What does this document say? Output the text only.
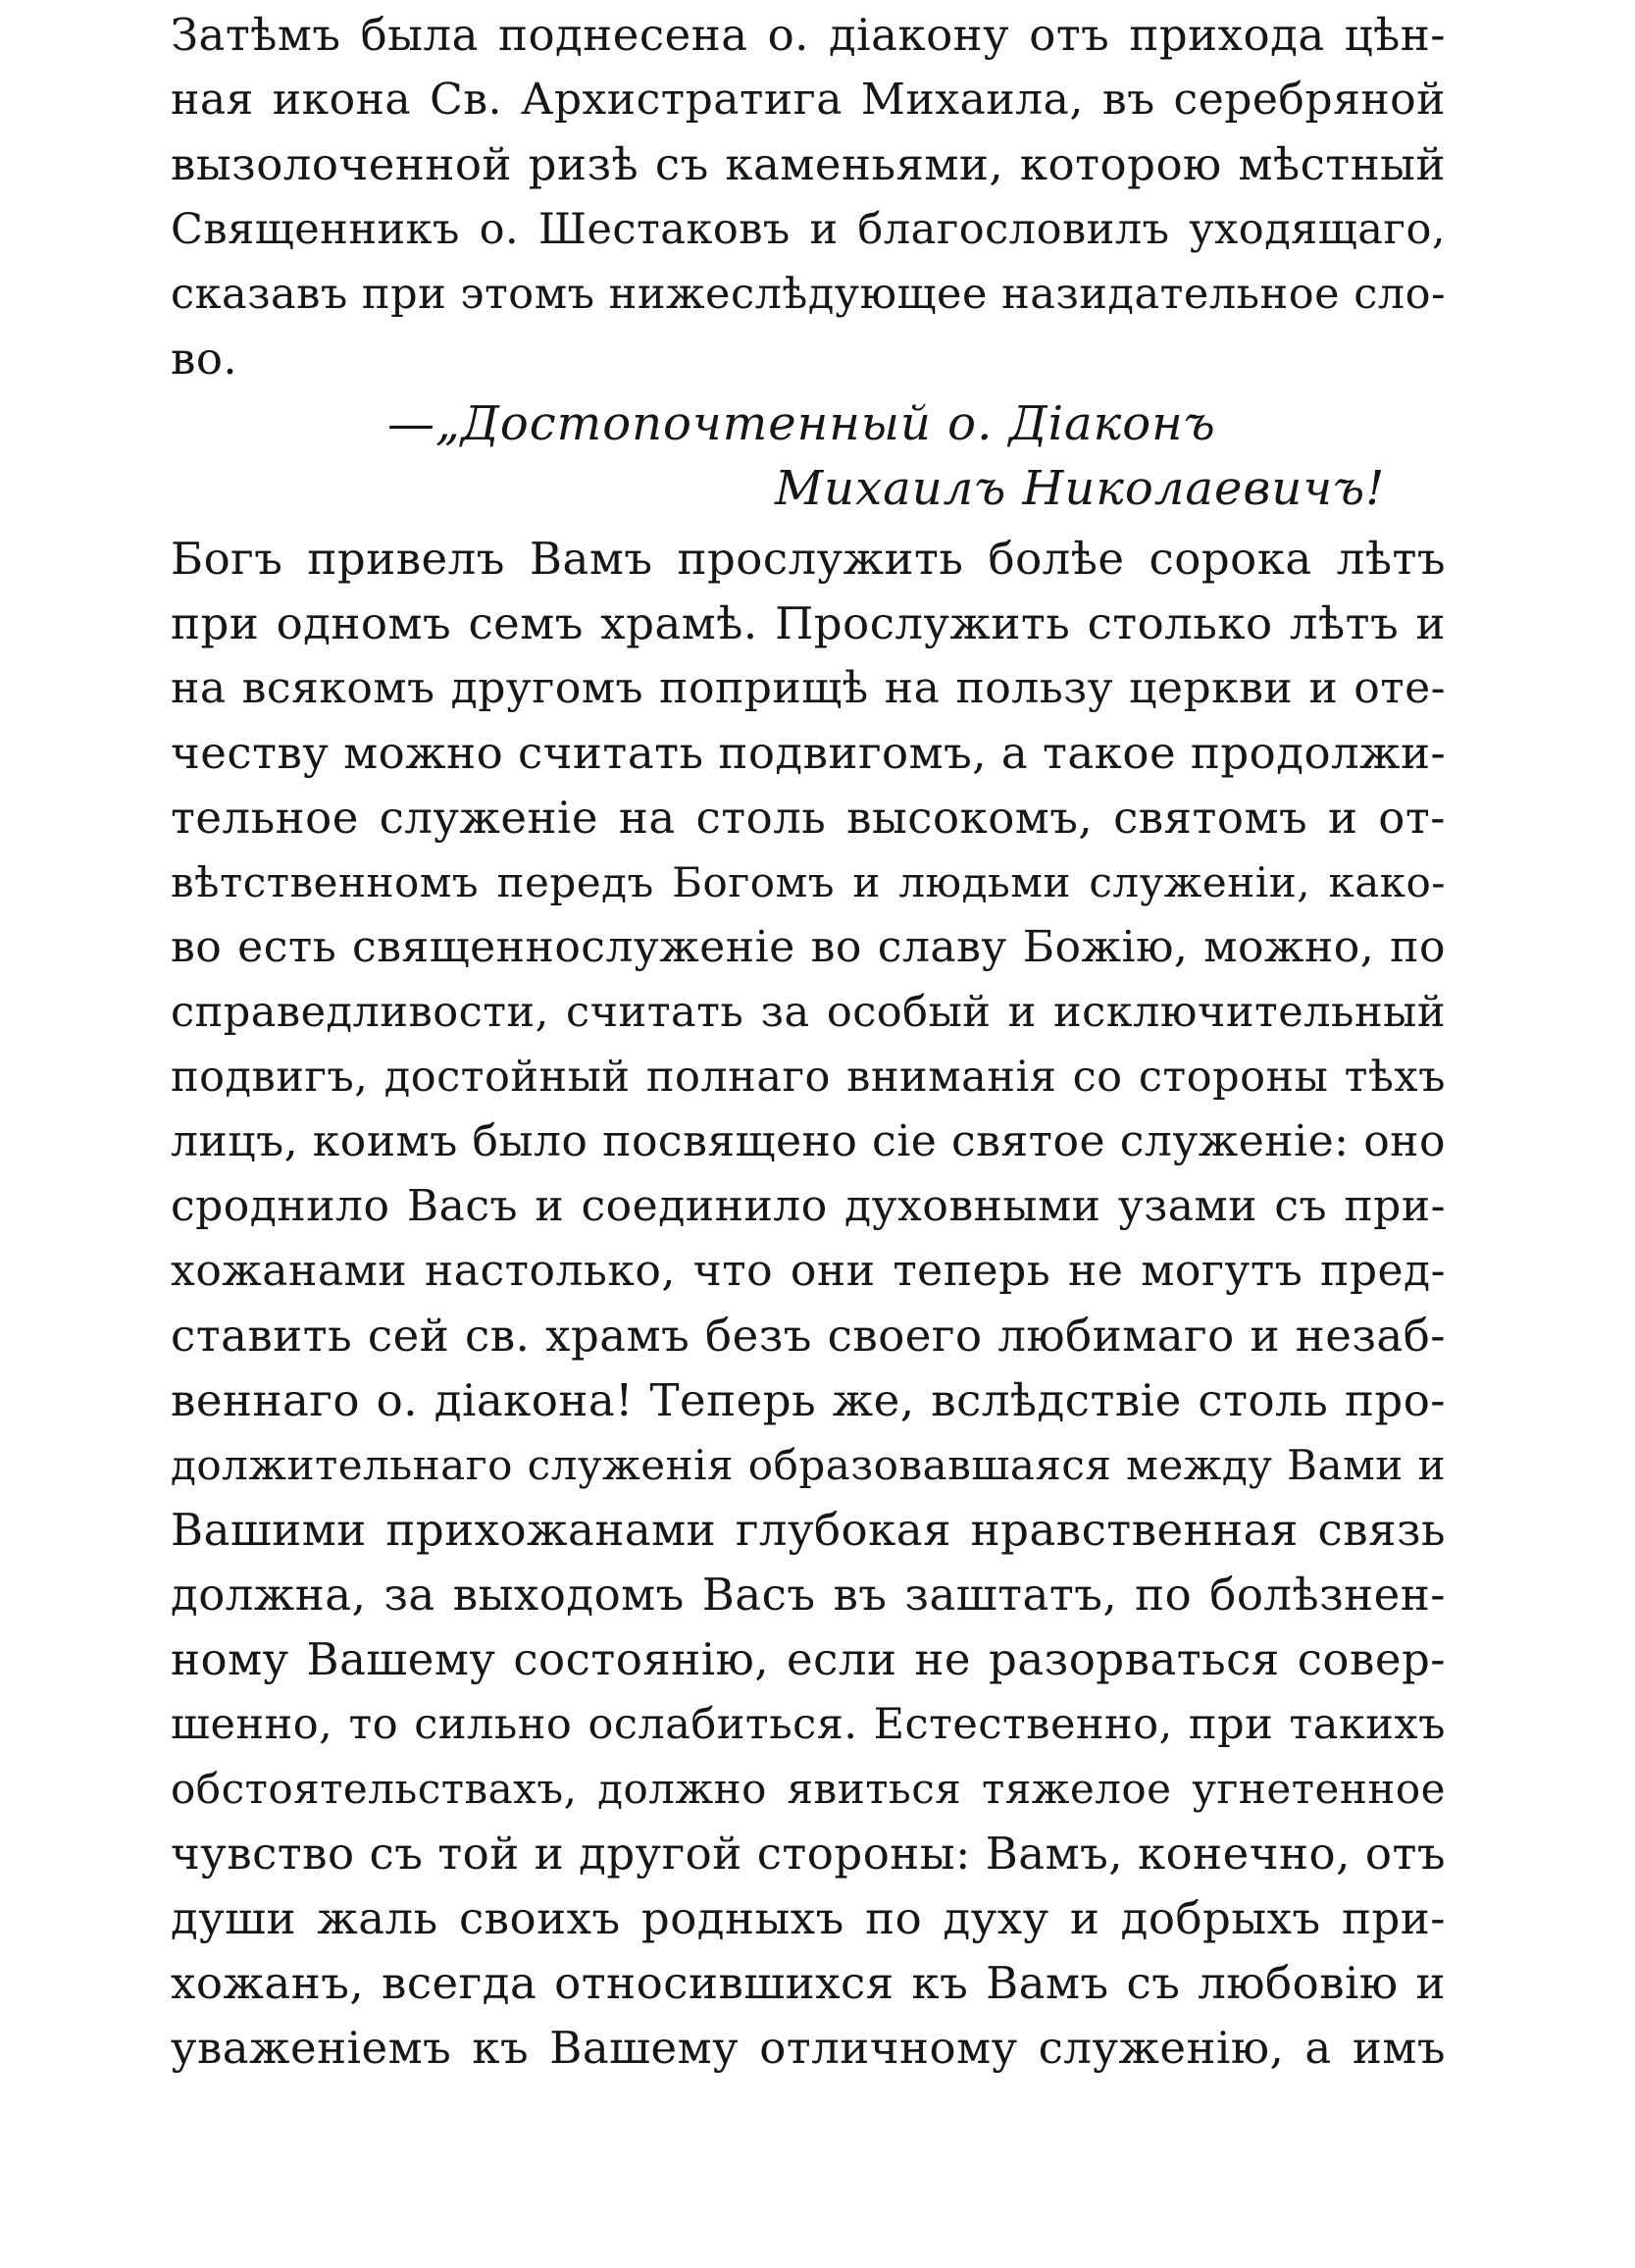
Затѣмъ была поднесена о. діакону отъ прихода цѣн-
ная икона Св. Архистратига Михаила, въ серебряной
вызолоченной ризѣ съ каменьями, которою мѣстный
Священникъ о. Шестаковъ и благословилъ уходящаго,
сказавъ при этомъ нижеслѣдующее назидательное сло-
во.
—„Достопочтенный о. Діаконъ
Михаилъ Николаевичъ!
Богъ привелъ Вамъ прослужить болѣе сорока лѣтъ
при одномъ семъ храмѣ. Прослужить столько лѣтъ и
на всякомъ другомъ поприщѣ на пользу церкви и оте-
честву можно считать подвигомъ, а такое продолжи-
тельное служеніе на столь высокомъ, святомъ и от-
вѣтственномъ передъ Богомъ и людьми служеніи, како-
во есть священнослуженіе во славу Божію, можно, по
справедливости, считать за особый и исключительный
подвигъ, достойный полнаго вниманія со стороны тѣхъ
лицъ, коимъ было посвящено сіе святое служеніе: оно
сроднило Васъ и соединило духовными узами съ при-
хожанами настолько, что они теперь не могутъ пред-
ставить сей св. храмъ безъ своего любимаго и незаб-
веннаго о. діакона! Теперь же, вслѣдствіе столь про-
должительнаго служенія образовавшаяся между Вами и
Вашими прихожанами глубокая нравственная связь
должна, за выходомъ Васъ въ заштатъ, по болѣзнен-
ному Вашему состоянію, если не разорваться совер-
шенно, то сильно ослабиться. Естественно, при такихъ
обстоятельствахъ, должно явиться тяжелое угнетенное
чувство съ той и другой стороны: Вамъ, конечно, отъ
души жаль своихъ родныхъ по духу и добрыхъ при-
хожанъ, всегда относившихся къ Вамъ съ любовію и
уваженіемъ къ Вашему отличному служенію, а имъ
